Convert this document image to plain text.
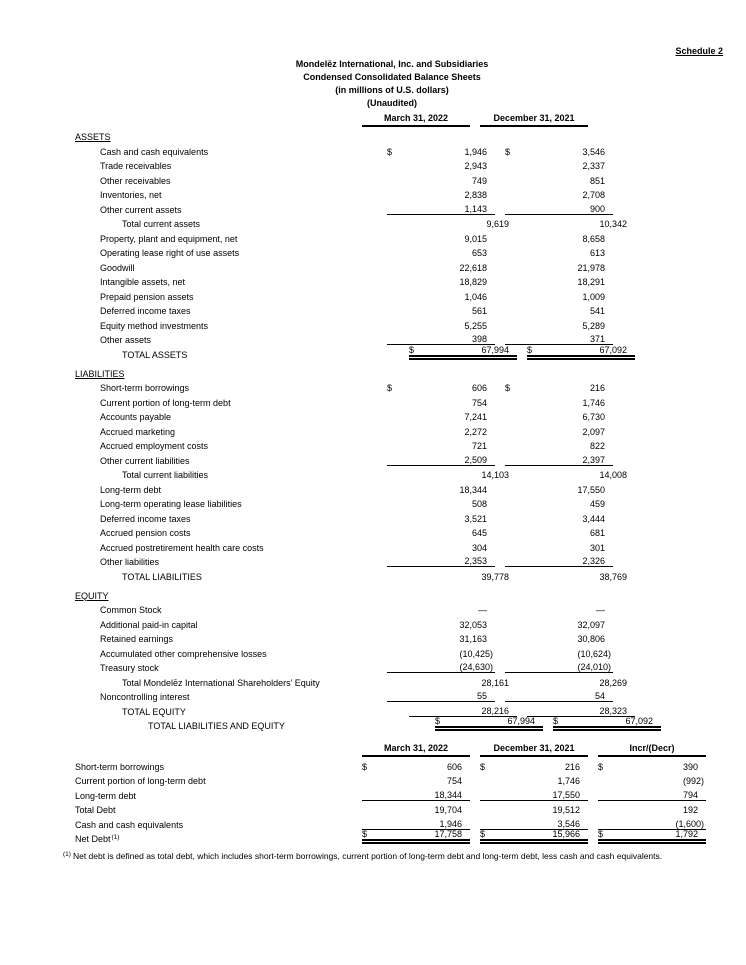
Schedule 2
Mondelēz International, Inc. and Subsidiaries
Condensed Consolidated Balance Sheets
(in millions of U.S. dollars)
(Unaudited)
March 31, 2022	December 31, 2021
ASSETS
Cash and cash equivalents	$	1,946	$	3,546
Trade receivables	2,943	2,337
Other receivables	749	851
Inventories, net	2,838	2,708
Other current assets	1,143	900
Total current assets	9,619	10,342
Property, plant and equipment, net	9,015	8,658
Operating lease right of use assets	653	613
Goodwill	22,618	21,978
Intangible assets, net	18,829	18,291
Prepaid pension assets	1,046	1,009
Deferred income taxes	561	541
Equity method investments	5,255	5,289
Other assets	398	371
TOTAL ASSETS	$	67,994	$	67,092
LIABILITIES
Short-term borrowings	$	606	$	216
Current portion of long-term debt	754	1,746
Accounts payable	7,241	6,730
Accrued marketing	2,272	2,097
Accrued employment costs	721	822
Other current liabilities	2,509	2,397
Total current liabilities	14,103	14,008
Long-term debt	18,344	17,550
Long-term operating lease liabilities	508	459
Deferred income taxes	3,521	3,444
Accrued pension costs	645	681
Accrued postretirement health care costs	304	301
Other liabilities	2,353	2,326
TOTAL LIABILITIES	39,778	38,769
EQUITY
Common Stock	—	—
Additional paid-in capital	32,053	32,097
Retained earnings	31,163	30,806
Accumulated other comprehensive losses	(10,425)	(10,624)
Treasury stock	(24,630)	(24,010)
Total Mondelēz International Shareholders’ Equity	28,161	28,269
Noncontrolling interest	55	54
TOTAL EQUITY	28,216	28,323
TOTAL LIABILITIES AND EQUITY	$	67,994	$	67,092
March 31, 2022	December 31, 2021	Incr/(Decr)
Short-term borrowings	$	606	$	216	$	390
Current portion of long-term debt	754	1,746	(992)
Long-term debt	18,344	17,550	794
Total Debt	19,704	19,512	192
Cash and cash equivalents	1,946	3,546	(1,600)
Net Debt$^{(1)}$	$	17,758	$	15,966	$	1,792
$^{(1)}$ Net debt is defined as total debt, which includes short-term borrowings, current portion of long-term debt and long-term debt, less cash and cash equivalents.
